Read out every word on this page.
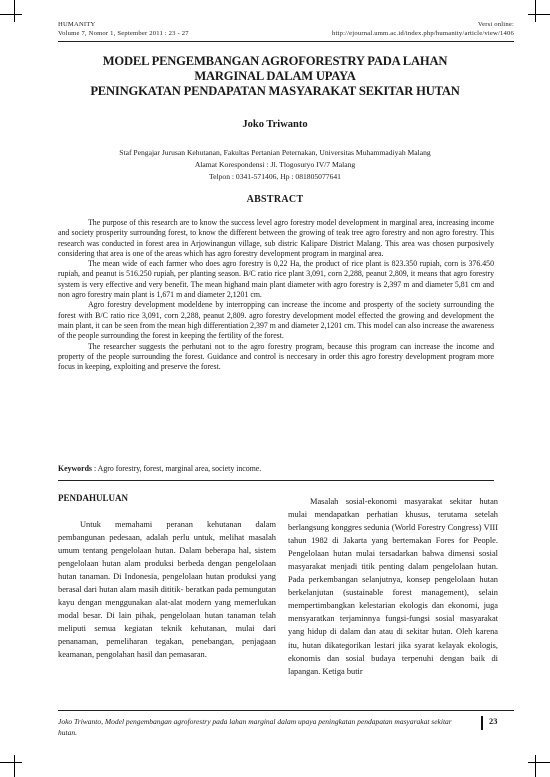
HUMANITY
Volume 7, Nomor 1, September 2011 : 23 - 27
Versi online:
http://ejournal.umm.ac.id/index.php/humanity/article/view/1406
MODEL PENGEMBANGAN AGROFORESTRY PADA LAHAN
MARGINAL DALAM UPAYA
PENINGKATAN PENDAPATAN MASYARAKAT SEKITAR HUTAN
Joko Triwanto
Staf Pengajar Jurusan Kehutanan, Fakultas Pertanian Peternakan, Universitas Muhammadiyah Malang
Alamat Korespondensi : Jl. Tlogosuryo IV/7 Malang
Telpon : 0341-571406, Hp : 081805077641
ABSTRACT

The purpose of this research are to know the success level agro forestry model development in marginal area, increasing income and society prosperity surroundng forest, to know the different between the growing of teak tree agro forestry and non agro forestry. This research was conducted in forest area in Arjowinangun village, sub distric Kalipare District Malang. This area was chosen purposively considering that area is one of the areas which has agro forestry development program in marginal area.

The mean wide of each farmer who does agro forestry is 0,22 Ha, the product of rice plant is 823.350 rupiah, corn is 376.450 rupiah, and peanut is 516.250 rupiah, per planting season. B/C ratio rice plant 3,091, corn 2,288, peanut 2,809, it means that agro forestry system is very effective and very benefit. The mean highand main plant diameter with agro forestry is 2,397 m and diameter 5,81 cm and non agro forestry main plant is 1,671 m and diameter 2,1201 cm.

Agro forestry development modeldene by interropping can increase the income and prosperty of the society surrounding the forest with B/C ratio rice 3,091, corn 2,288, peanut 2,809. agro forestry development model effected the growing and development the main plant, it can be seen from the mean high differentiation 2,397 m and diameter 2,1201 cm. This model can also increase the awareness of the people surrounding the forest in keeping the fertility of the forest.

The researcher suggests the perhutani not to the agro forestry program, because this program can increase the income and property of the people surrounding the forest. Guidance and control is neccesary in order this agro forestry development program more focus in keeping, exploiting and preserve the forest.

Keywords : Agro forestry, forest, marginal area, society income.
PENDAHULUAN

Untuk memahami peranan kehutanan dalam pembangunan pedesaan, adalah perlu untuk, melihat masalah umum tentang pengelolaan hutan. Dalam beberapa hal, sistem pengelolaan hutan alam produksi berbeda dengan pengelolaan hutan tanaman. Di Indonesia, pengelolaan hutan produksi yang berasal dari hutan alam masih dititik- beratkan pada pemungutan kayu dengan menggunakan alat-alat modern yang memerlukan modal besar. Di lain pihak, pengelolaan hutan tanaman telah meliputi semua kegiatan teknik kehutanan, mulai dari penanaman, pemeliharan tegakan, penebangan, penjagaan keamanan, pengolahan hasil dan pemasaran.

Masalah sosial-ekonomi masyarakat sekitar hutan mulai mendapatkan perhatian khusus, terutama setelah berlangsung konggres sedunia (World Forestry Congress) VIII tahun 1982 di Jakarta yang bertemakan Fores for People. Pengelolaan hutan mulai tersadarkan bahwa dimensi sosial masyarakat menjadi titik penting dalam pengelolaan hutan. Pada perkembangan selanjutnya, konsep pengelolaan hutan berkelanjutan (sustainable forest management), selain mempertimbangkan kelestarian ekologis dan ekonomi, juga mensyaratkan terjaminnya fungsi-fungsi sosial masyarakat yang hidup di dalam dan atau di sekitar hutan. Oleh karena itu, hutan dikategorikan lestari jika syarat kelayak ekologis, ekonomis dan sosial budaya terpenuhi dengan baik di lapangan. Ketiga butir

Joko Triwanto, Model pengembangan agroforestry pada lahan marginal dalam upaya peningkatan pendapatan masyarakat sekitar hutan.
23
